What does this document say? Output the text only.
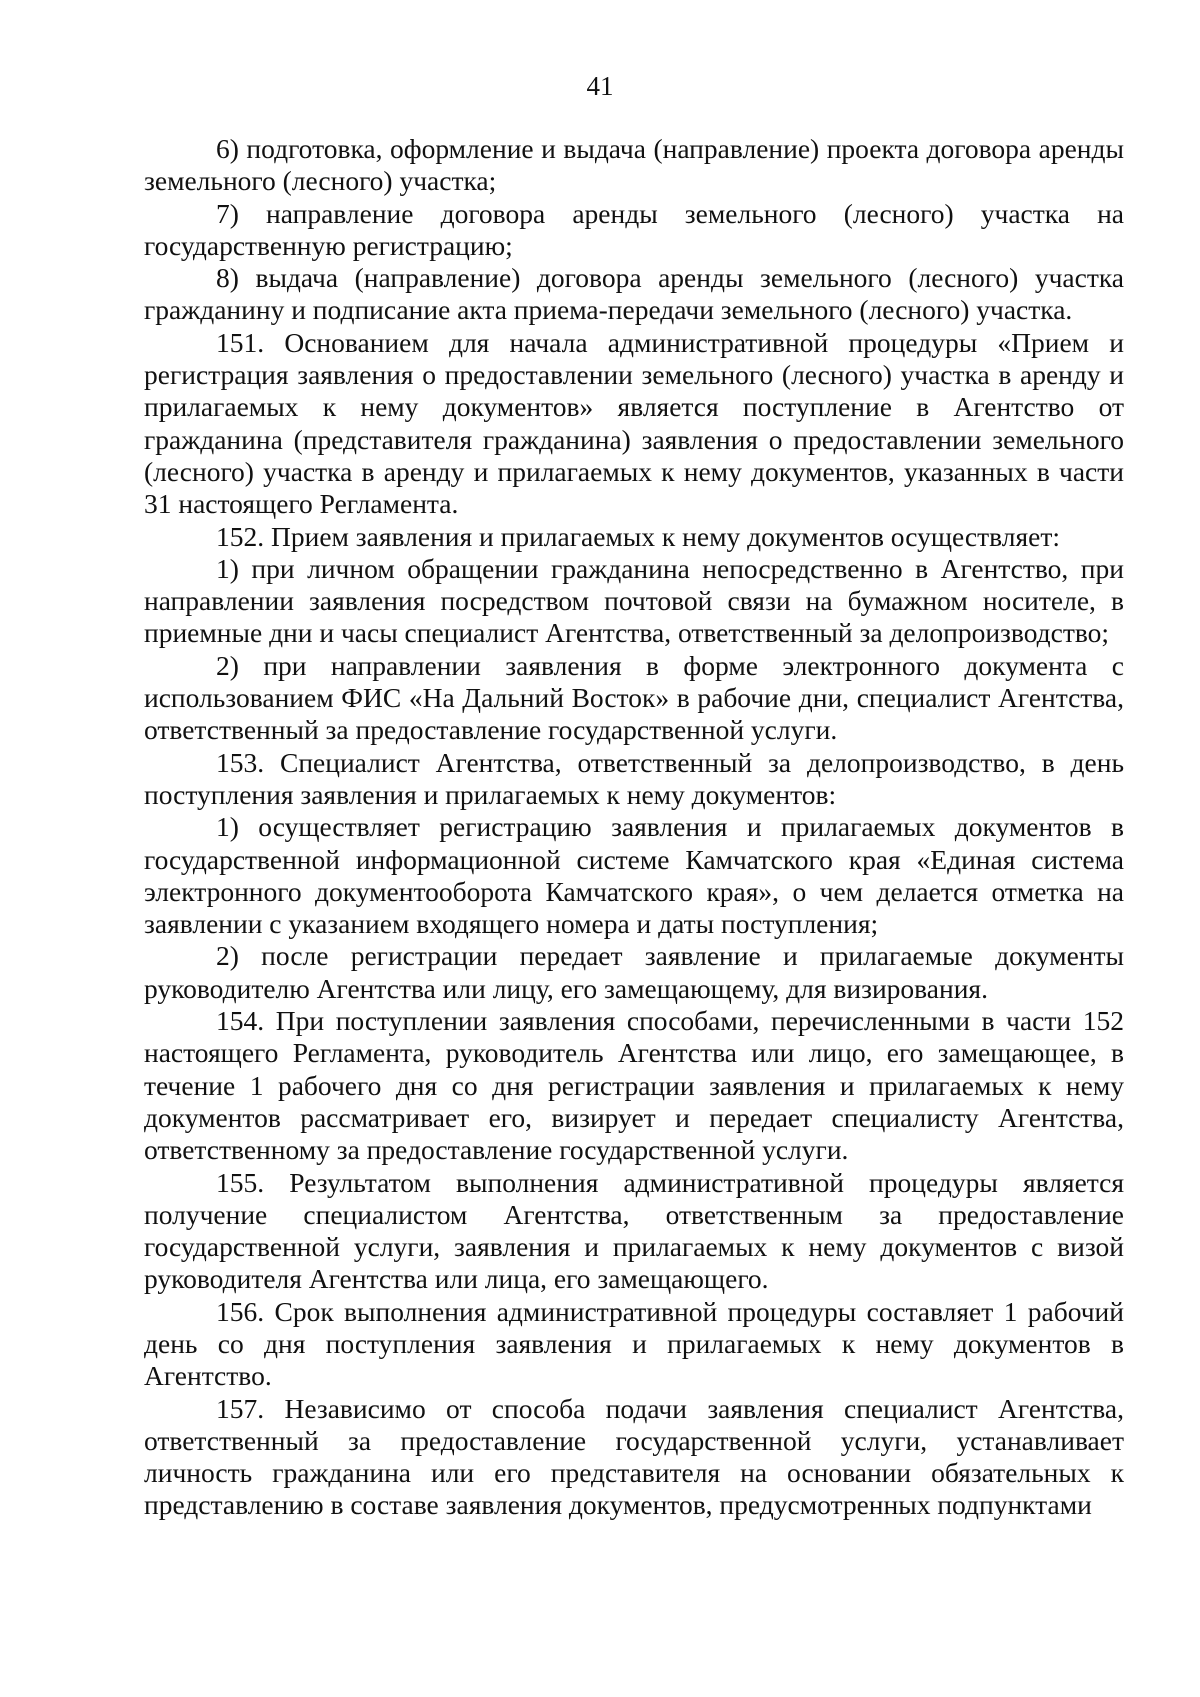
41

6) подготовка, оформление и выдача (направление) проекта договора аренды земельного (лесного) участка;

7) направление договора аренды земельного (лесного) участка на государственную регистрацию;

8) выдача (направление) договора аренды земельного (лесного) участка гражданину и подписание акта приема-передачи земельного (лесного) участка.

151. Основанием для начала административной процедуры «Прием и регистрация заявления о предоставлении земельного (лесного) участка в аренду и прилагаемых к нему документов» является поступление в Агентство от гражданина (представителя гражданина) заявления о предоставлении земельного (лесного) участка в аренду и прилагаемых к нему документов, указанных в части 31 настоящего Регламента.

152. Прием заявления и прилагаемых к нему документов осуществляет:

1) при личном обращении гражданина непосредственно в Агентство, при направлении заявления посредством почтовой связи на бумажном носителе, в приемные дни и часы специалист Агентства, ответственный за делопроизводство;

2) при направлении заявления в форме электронного документа с использованием ФИС «На Дальний Восток» в рабочие дни, специалист Агентства, ответственный за предоставление государственной услуги.

153. Специалист Агентства, ответственный за делопроизводство, в день поступления заявления и прилагаемых к нему документов:

1) осуществляет регистрацию заявления и прилагаемых документов в государственной информационной системе Камчатского края «Единая система электронного документооборота Камчатского края», о чем делается отметка на заявлении с указанием входящего номера и даты поступления;

2) после регистрации передает заявление и прилагаемые документы руководителю Агентства или лицу, его замещающему, для визирования.

154. При поступлении заявления способами, перечисленными в части 152 настоящего Регламента, руководитель Агентства или лицо, его замещающее, в течение 1 рабочего дня со дня регистрации заявления и прилагаемых к нему документов рассматривает его, визирует и передает специалисту Агентства, ответственному за предоставление государственной услуги.

155. Результатом выполнения административной процедуры является получение специалистом Агентства, ответственным за предоставление государственной услуги, заявления и прилагаемых к нему документов с визой руководителя Агентства или лица, его замещающего.

156. Срок выполнения административной процедуры составляет 1 рабочий день со дня поступления заявления и прилагаемых к нему документов в Агентство.

157. Независимо от способа подачи заявления специалист Агентства, ответственный за предоставление государственной услуги, устанавливает личность гражданина или его представителя на основании обязательных к представлению в составе заявления документов, предусмотренных подпунктами
